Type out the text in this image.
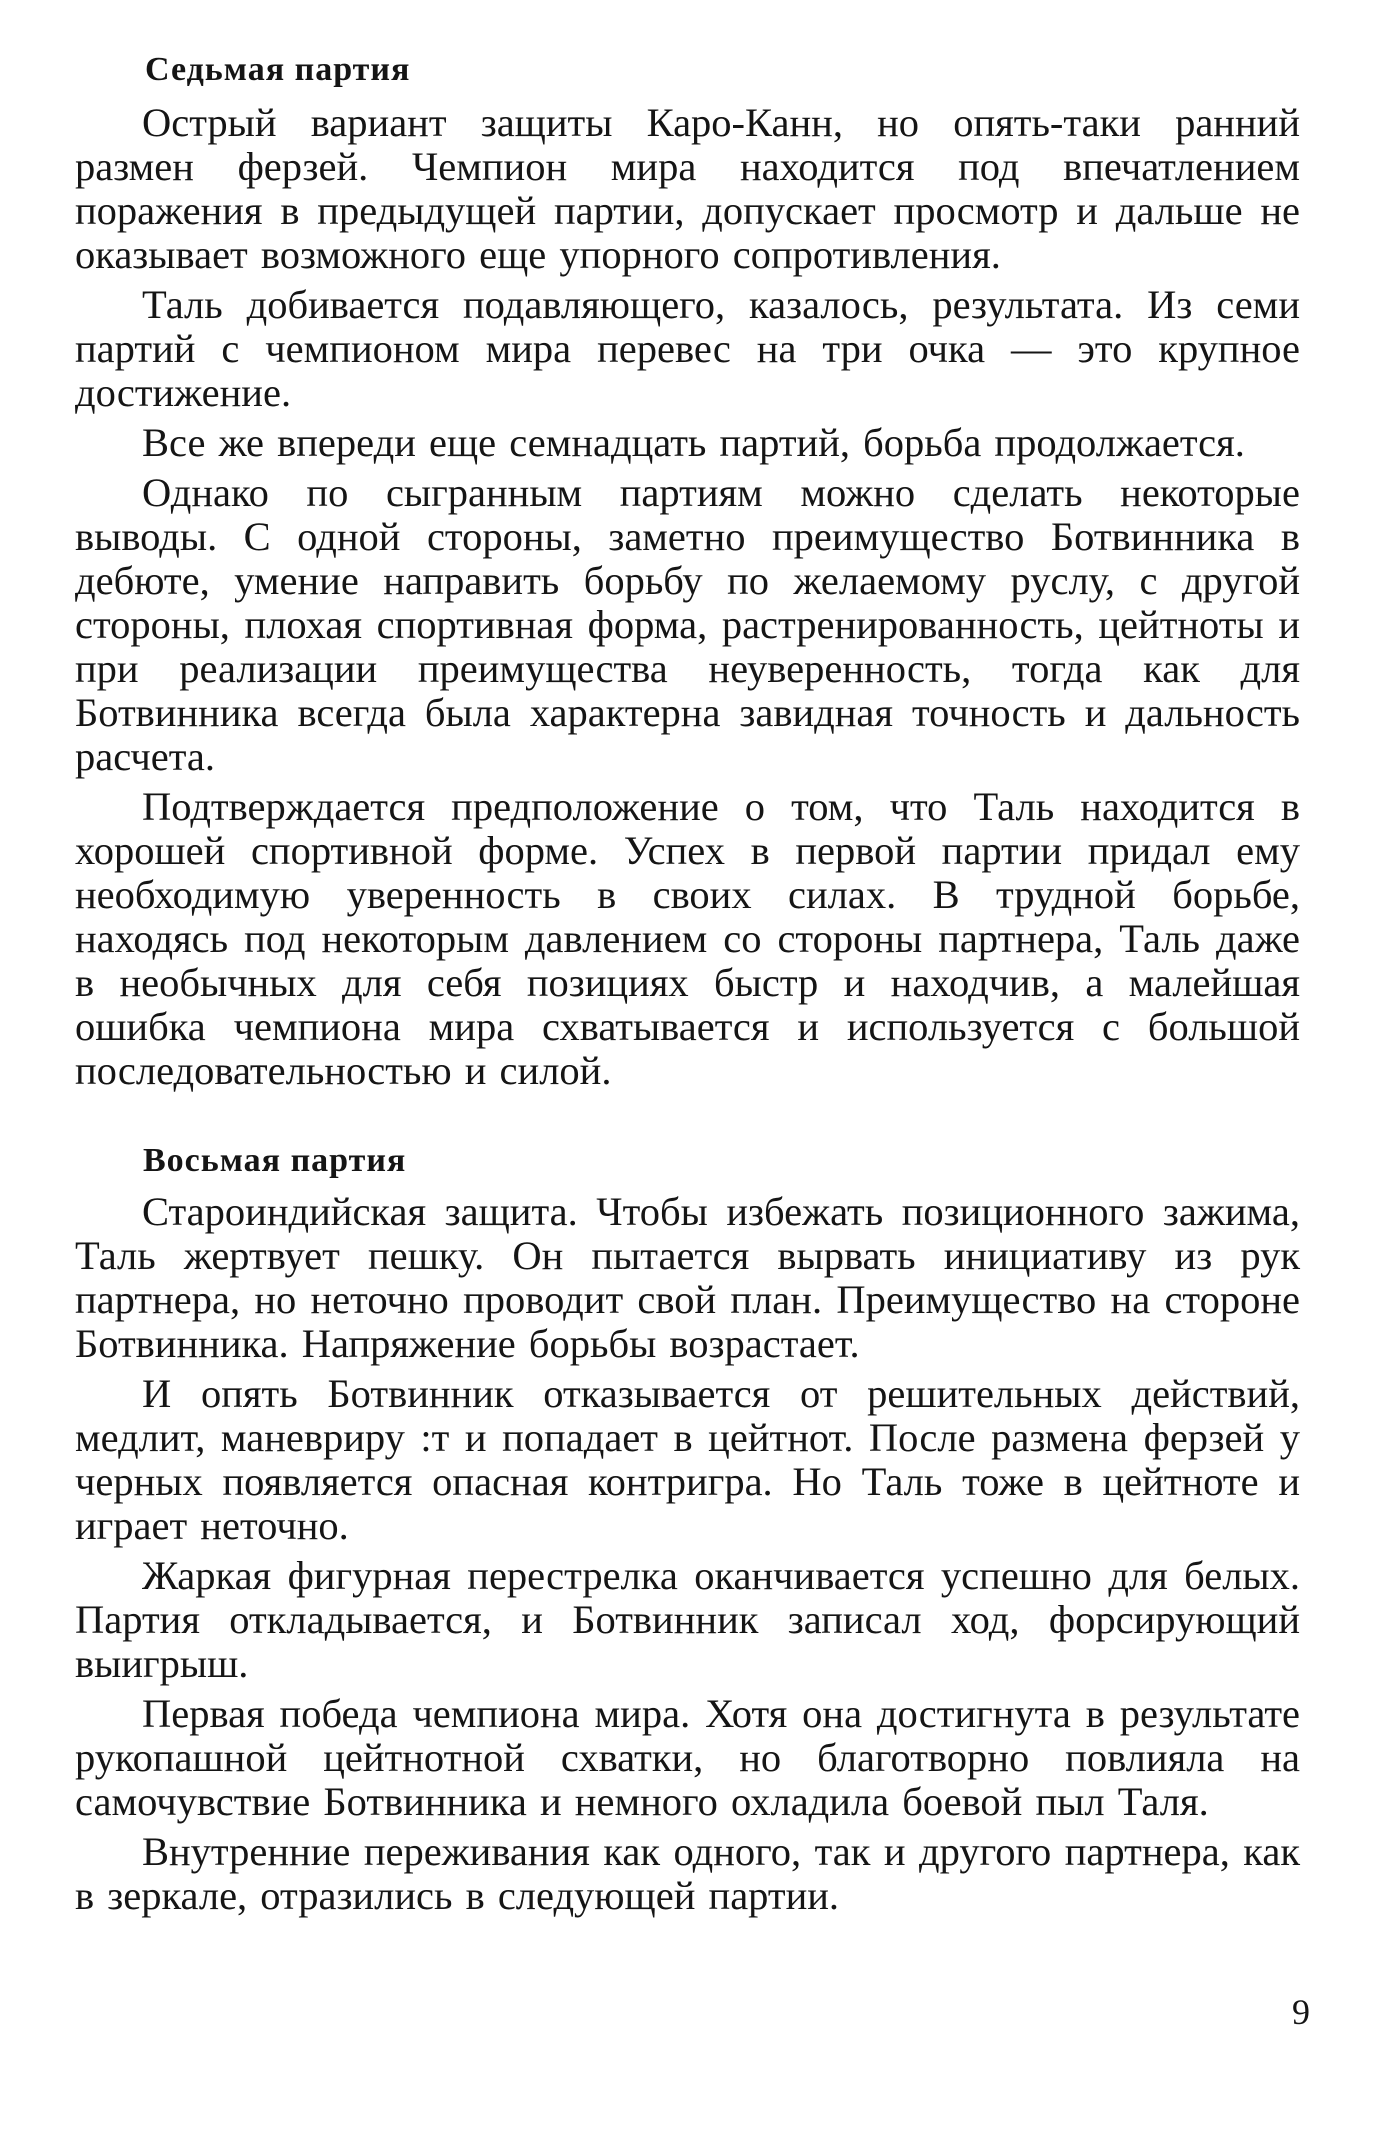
Седьмая партия

Острый вариант защиты Каро-Канн, но опять-таки ранний размен ферзей. Чемпион мира находится под впечатлением поражения в предыдущей партии, допускает просмотр и дальше не оказывает возможного еще упорного сопротивления.

Таль добивается подавляющего, казалось, результата. Из семи партий с чемпионом мира перевес на три очка — это крупное достижение.

Все же впереди еще семнадцать партий, борьба продолжается.

Однако по сыгранным партиям можно сделать некоторые выводы. С одной стороны, заметно преимущество Ботвинника в дебюте, умение направить борьбу по желаемому руслу, с другой стороны, плохая спортивная форма, растренированность, цейтноты и при реализации преимущества неуверенность, тогда как для Ботвинника всегда была характерна завидная точность и дальность расчета.

Подтверждается предположение о том, что Таль находится в хорошей спортивной форме. Успех в первой партии придал ему необходимую уверенность в своих силах. В трудной борьбе, находясь под некоторым давлением со стороны партнера, Таль даже в необычных для себя позициях быстр и находчив, а малейшая ошибка чемпиона мира схватывается и используется с большой последовательностью и силой.

Восьмая партия

Староиндийская защита. Чтобы избежать позиционного зажима, Таль жертвует пешку. Он пытается вырвать инициативу из рук партнера, но неточно проводит свой план. Преимущество на стороне Ботвинника. Напряжение борьбы возрастает.

И опять Ботвинник отказывается от решительных действий, медлит, маневриру :т и попадает в цейтнот. После размена ферзей у черных появляется опасная контригра. Но Таль тоже в цейтноте и играет неточно.

Жаркая фигурная перестрелка оканчивается успешно для белых. Партия откладывается, и Ботвинник записал ход, форсирующий выигрыш.

Первая победа чемпиона мира. Хотя она достигнута в результате рукопашной цейтнотной схватки, но благотворно повлияла на самочувствие Ботвинника и немного охладила боевой пыл Таля.

Внутренние переживания как одного, так и другого партнера, как в зеркале, отразились в следующей партии.

9
